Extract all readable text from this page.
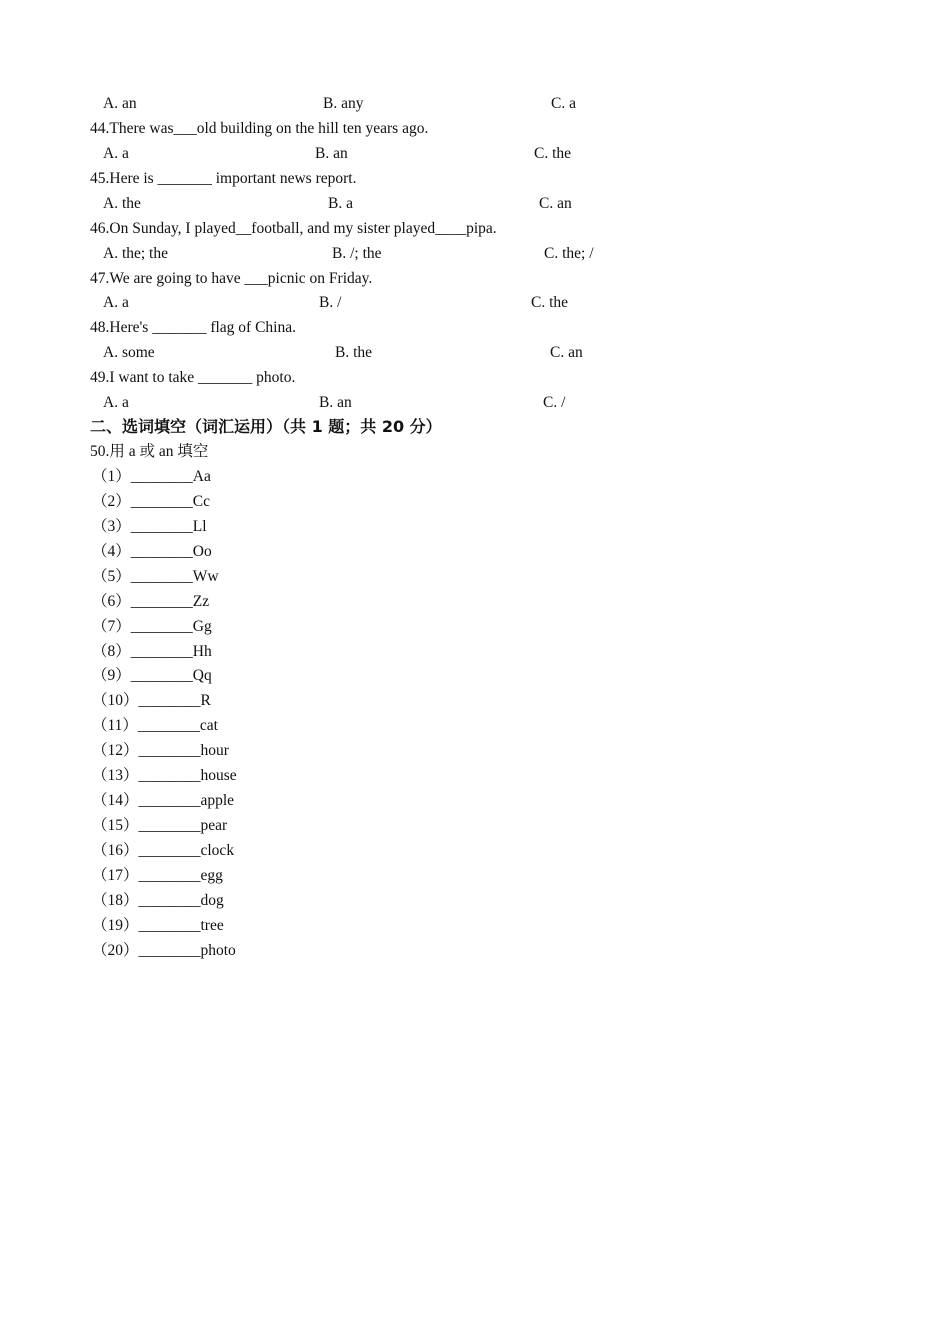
A. an	B. any	C. a
44.There was___old building on the hill ten years ago.
A. a	B. an	C. the
45.Here is _______ important news report.
A. the	B. a	C. an
46.On Sunday, I played__football, and my sister played____pipa.
A. the; the	B. /; the	C. the; /
47.We are going to have ___picnic on Friday.
A. a	B. /	C. the
48.Here's _______ flag of China.
A. some	B. the	C. an
49.I want to take _______ photo.
A. a	B. an	C. /
二、选词填空（词汇运用）（共 1 题；共 20 分）
50.用 a 或 an 填空
（1）________Aa
（2）________Cc
（3）________Ll
（4）________Oo
（5）________Ww
（6）________Zz
（7）________Gg
（8）________Hh
（9）________Qq
（10）________R
（11）________cat
（12）________hour
（13）________house
（14）________apple
（15）________pear
（16）________clock
（17）________egg
（18）________dog
（19）________tree
（20）________photo
